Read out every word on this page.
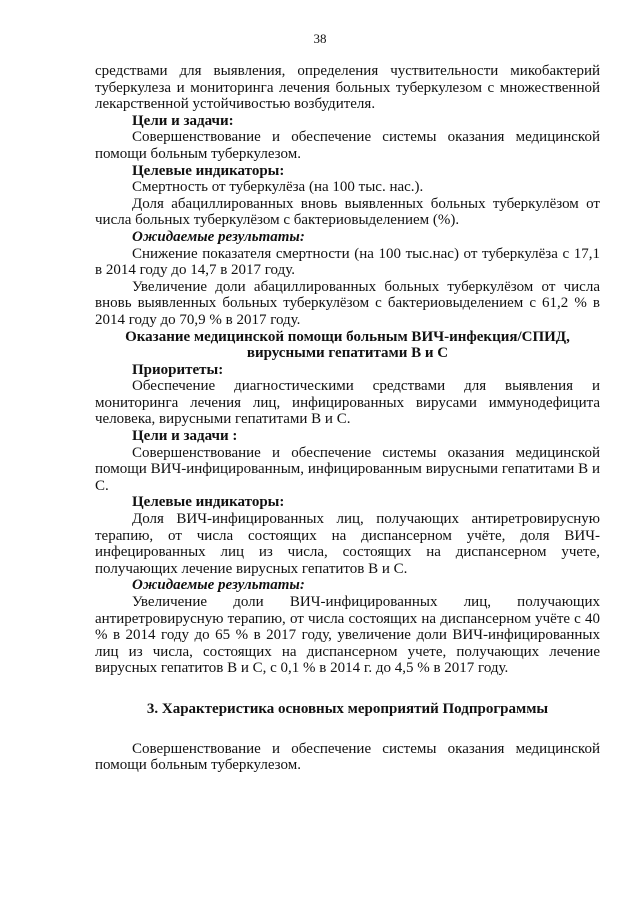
38

средствами для выявления, определения чуствительности микобактерий туберкулеза и мониторинга лечения больных туберкулезом с множественной лекарственной устойчивостью возбудителя.

Цели и задачи:

Совершенствование и обеспечение системы оказания медицинской помощи больным туберкулезом.

Целевые индикаторы:

Смертность от туберкулёза (на 100 тыс. нас.).

Доля абациллированных вновь выявленных больных туберкулёзом от числа больных туберкулёзом с бактериовыделением (%).

Ожидаемые результаты:

Снижение показателя смертности (на 100 тыс.нас) от туберкулёза с 17,1 в 2014 году до 14,7 в 2017 году.

Увеличение доли абациллированных больных туберкулёзом от числа вновь выявленных больных туберкулёзом с бактериовыделением с 61,2 % в 2014 году до 70,9 % в 2017 году.

Оказание медицинской помощи больным ВИЧ-инфекция/СПИД, вирусными гепатитами В и С

Приоритеты:

Обеспечение диагностическими средствами для выявления и мониторинга лечения лиц, инфицированных вирусами иммунодефицита человека, вирусными гепатитами В и С.

Цели и задачи :

Совершенствование и обеспечение системы оказания медицинской помощи ВИЧ-инфицированным, инфицированным вирусными гепатитами В и С.

Целевые индикаторы:

Доля ВИЧ-инфицированных лиц, получающих антиретровирусную терапию, от числа состоящих на диспансерном учёте, доля ВИЧ-инфецированных лиц из числа, состоящих на диспансерном учете, получающих лечение вирусных гепатитов В и С.

Ожидаемые результаты:

Увеличение доли ВИЧ-инфицированных лиц, получающих антиретровирусную терапию, от числа состоящих на диспансерном учёте с 40 % в 2014 году до 65 % в 2017 году, увеличение доли ВИЧ-инфицированных лиц из числа, состоящих на диспансерном учете, получающих лечение вирусных гепатитов В и С, с 0,1 % в 2014 г. до 4,5 % в 2017 году.

3. Характеристика основных мероприятий Подпрограммы

Совершенствование и обеспечение системы оказания медицинской помощи больным туберкулезом.
